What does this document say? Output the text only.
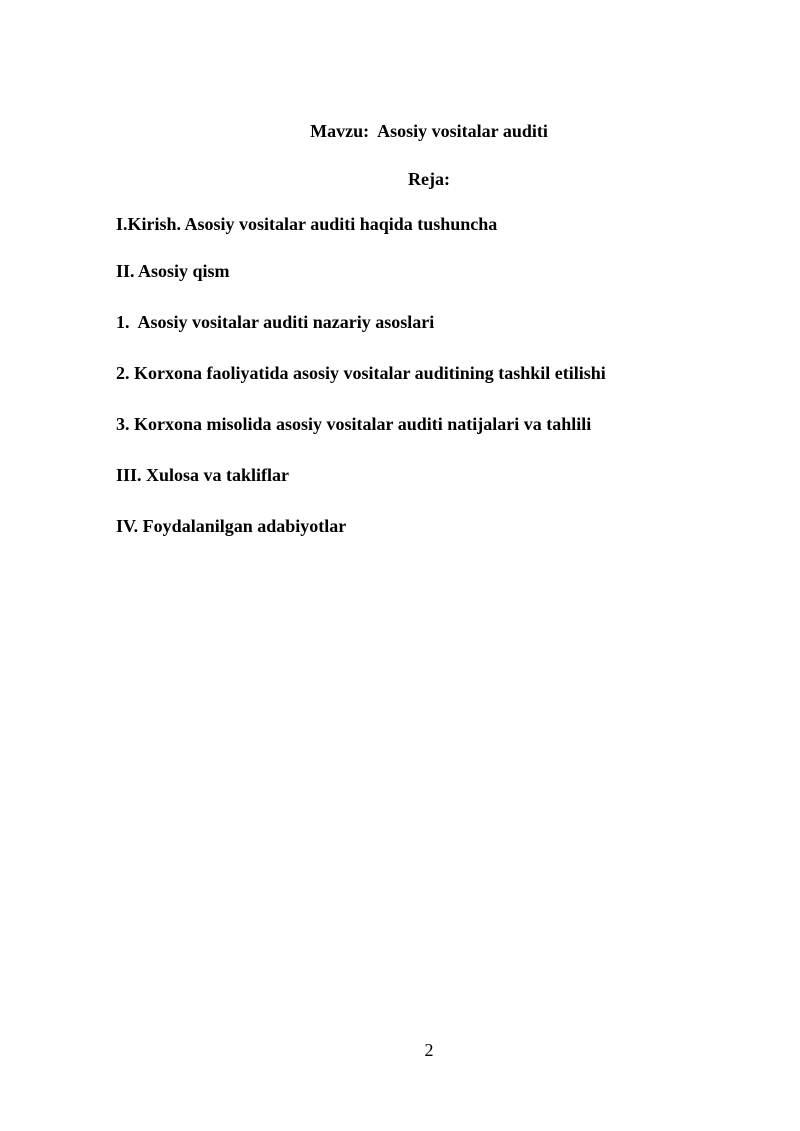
Mavzu:  Asosiy vositalar auditi
Reja:
I.Kirish. Asosiy vositalar auditi haqida tushuncha
II. Asosiy qism
1.  Asosiy vositalar auditi nazariy asoslari
2. Korxona faoliyatida asosiy vositalar auditining tashkil etilishi
3. Korxona misolida asosiy vositalar auditi natijalari va tahlili
III. Xulosa va takliflar
IV. Foydalanilgan adabiyotlar
2
